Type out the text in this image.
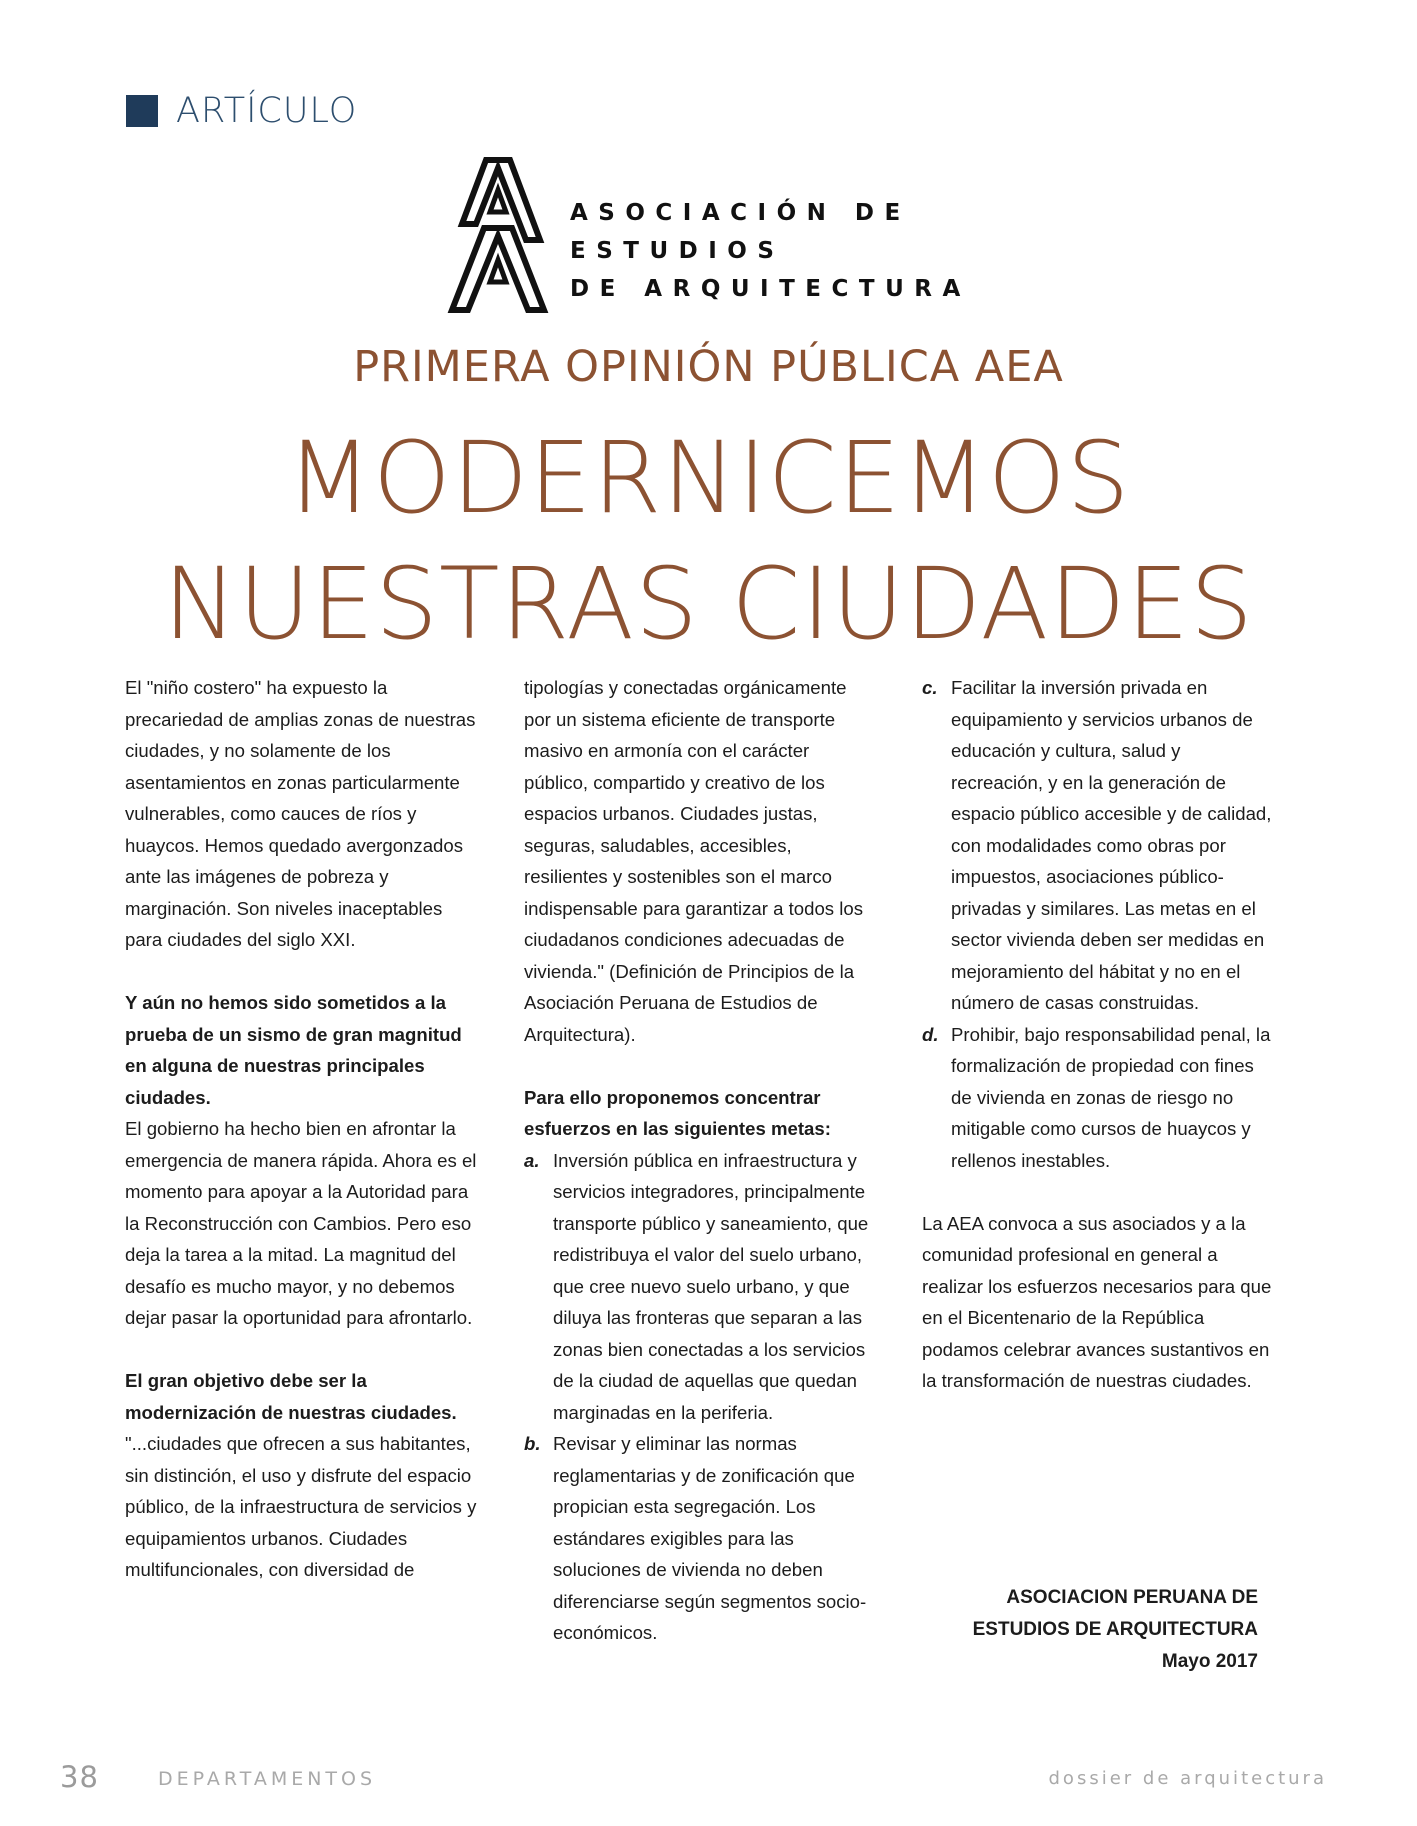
ARTÍCULO
ASOCIACIÓN DE
ESTUDIOS
DE ARQUITECTURA
PRIMERA OPINIÓN PÚBLICA AEA
MODERNICEMOS
NUESTRAS CIUDADES

El "niño costero" ha expuesto la precariedad de amplias zonas de nuestras ciudades, y no solamente de los asentamientos en zonas particularmente vulnerables, como cauces de ríos y huaycos. Hemos quedado avergonzados ante las imágenes de pobreza y marginación. Son niveles inaceptables para ciudades del siglo XXI.

Y aún no hemos sido sometidos a la prueba de un sismo de gran magnitud en alguna de nuestras principales ciudades.
El gobierno ha hecho bien en afrontar la emergencia de manera rápida. Ahora es el momento para apoyar a la Autoridad para la Reconstrucción con Cambios. Pero eso deja la tarea a la mitad. La magnitud del desafío es mucho mayor, y no debemos dejar pasar la oportunidad para afrontarlo.

El gran objetivo debe ser la modernización de nuestras ciudades.
"...ciudades que ofrecen a sus habitantes, sin distinción, el uso y disfrute del espacio público, de la infraestructura de servicios y equipamientos urbanos. Ciudades multifuncionales, con diversidad de

tipologías y conectadas orgánicamente por un sistema eficiente de transporte masivo en armonía con el carácter público, compartido y creativo de los espacios urbanos. Ciudades justas, seguras, saludables, accesibles, resilientes y sostenibles son el marco indispensable para garantizar a todos los ciudadanos condiciones adecuadas de vivienda." (Definición de Principios de la Asociación Peruana de Estudios de Arquitectura).

Para ello proponemos concentrar esfuerzos en las siguientes metas:
a. Inversión pública en infraestructura y servicios integradores, principalmente transporte público y saneamiento, que redistribuya el valor del suelo urbano, que cree nuevo suelo urbano, y que diluya las fronteras que separan a las zonas bien conectadas a los servicios de la ciudad de aquellas que quedan marginadas en la periferia.
b. Revisar y eliminar las normas reglamentarias y de zonificación que propician esta segregación. Los estándares exigibles para las soluciones de vivienda no deben diferenciarse según segmentos socio-económicos.
c. Facilitar la inversión privada en equipamiento y servicios urbanos de educación y cultura, salud y recreación, y en la generación de espacio público accesible y de calidad, con modalidades como obras por impuestos, asociaciones público-privadas y similares. Las metas en el sector vivienda deben ser medidas en mejoramiento del hábitat y no en el número de casas construidas.
d. Prohibir, bajo responsabilidad penal, la formalización de propiedad con fines de vivienda en zonas de riesgo no mitigable como cursos de huaycos y rellenos inestables.

La AEA convoca a sus asociados y a la comunidad profesional en general a realizar los esfuerzos necesarios para que en el Bicentenario de la República podamos celebrar avances sustantivos en la transformación de nuestras ciudades.

ASOCIACION PERUANA DE
ESTUDIOS DE ARQUITECTURA
Mayo 2017
38	DEPARTAMENTOS	dossier de arquitectura
